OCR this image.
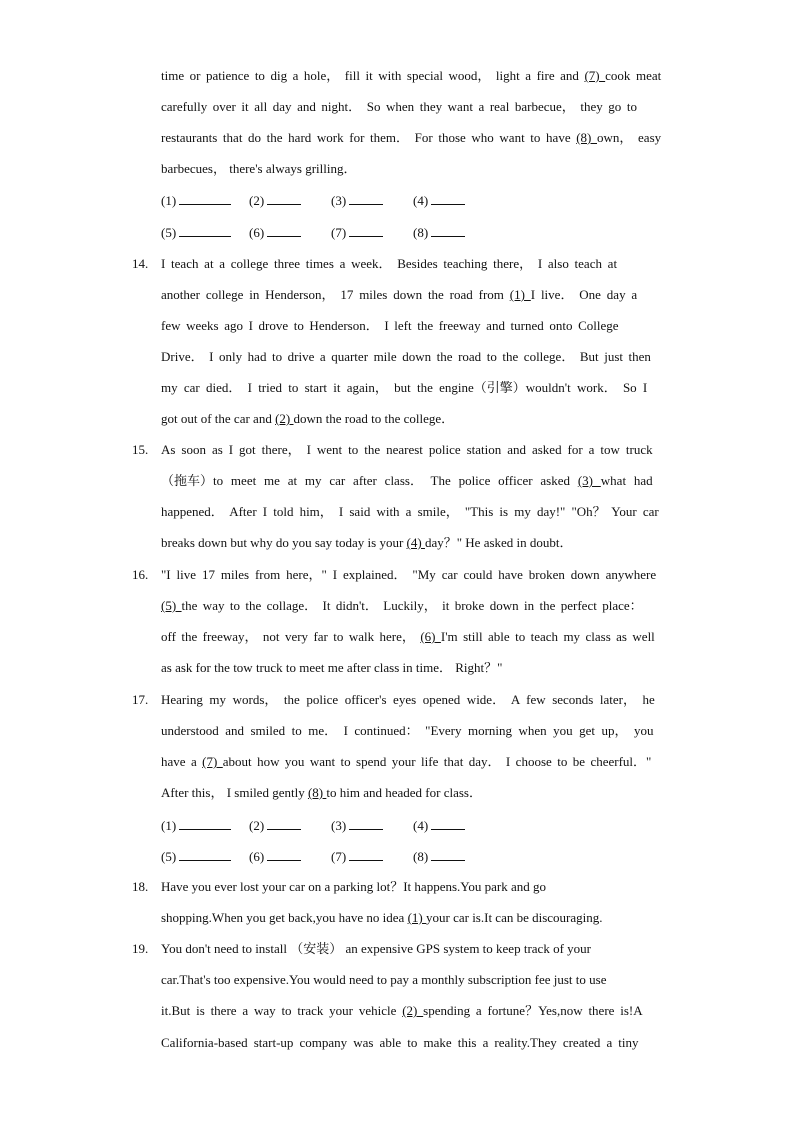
time or patience to dig a hole， fill it with special wood， light a fire and (7) cook meat
carefully over it all day and night． So when they want a real barbecue， they go to
restaurants that do the hard work for them． For those who want to have (8) own， easy
barbecues， there's always grilling．
14. I teach at a college three times a week． Besides teaching there， I also teach at
another college in Henderson， 17 miles down the road from (1) I live． One day a
few weeks ago I drove to Henderson． I left the freeway and turned onto College
Drive． I only had to drive a quarter mile down the road to the college． But just then
my car died． I tried to start it again， but the engine（引擎）wouldn't work． So I
got out of the car and (2) down the road to the college．
15. As soon as I got there， I went to the nearest police station and asked for a tow truck
（拖车）to meet me at my car after class． The police officer asked (3) what had
happened． After I told him， I said with a smile， "This is my day!" "Oh？ Your car
breaks down but why do you say today is your (4) day？" He asked in doubt．
16. "I live 17 miles from here，" I explained． "My car could have broken down anywhere
(5) the way to the collage． It didn't． Luckily， it broke down in the perfect place：
off the freeway， not very far to walk here， (6) I'm still able to teach my class as well
as ask for the tow truck to meet me after class in time． Right？"
17. Hearing my words， the police officer's eyes opened wide． A few seconds later， he
understood and smiled to me． I continued： "Every morning when you get up， you
have a (7) about how you want to spend your life that day． I choose to be cheerful．"
After this， I smiled gently (8) to him and headed for class．
18. Have you ever lost your car on a parking lot？It happens.You park and go
shopping.When you get back,you have no idea (1) your car is.It can be discouraging.
19. You don't need to install （安装） an expensive GPS system to keep track of your
car.That's too expensive.You would need to pay a monthly subscription fee just to use
it.But is there a way to track your vehicle (2) spending a fortune？Yes,now there is!A
California-based start-up company was able to make this a reality.They created a tiny
(1)	(2)	(3)	(4)
(5)	(6)	(7)	(8)
(1)	(2)	(3)	(4)
(5)	(6)	(7)	(8)
